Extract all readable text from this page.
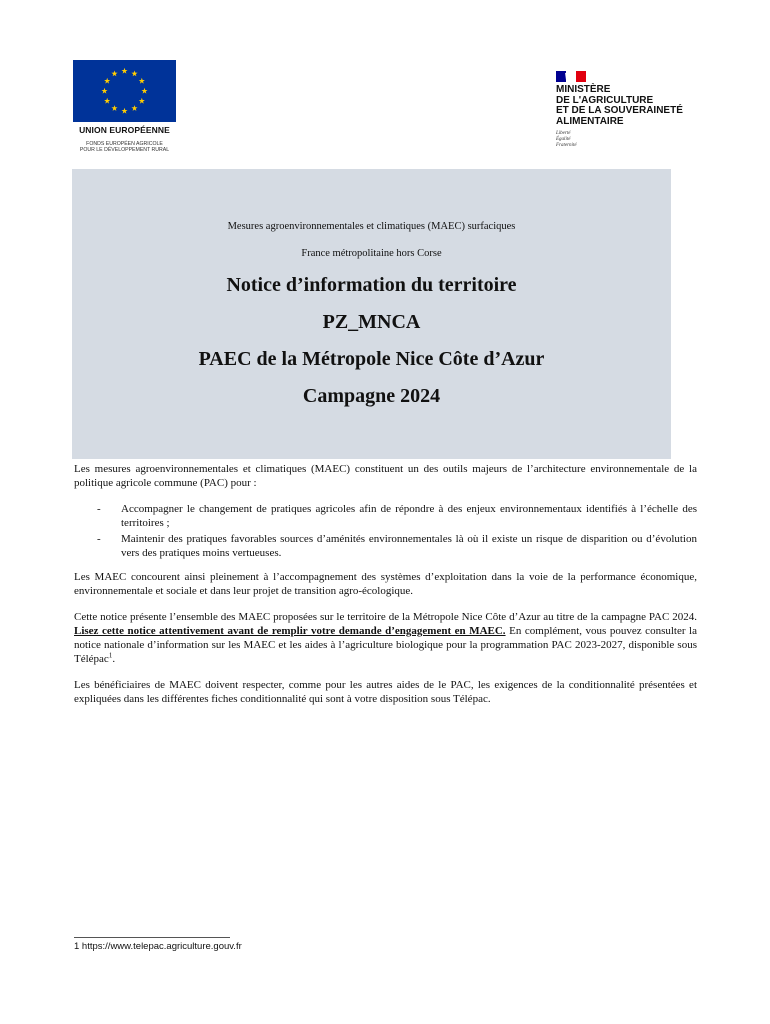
UNION EUROPÉENNE
FONDS EUROPÉEN AGRICOLE
POUR LE DÉVELOPPEMENT RURAL
MINISTÈRE
DE L'AGRICULTURE
ET DE LA SOUVERAINETÉ
ALIMENTAIRE
Liberté
Égalité
Fraternité
Mesures agroenvironnementales et climatiques (MAEC) surfaciques
France métropolitaine hors Corse
Notice d’information du territoire
PZ_MNCA
PAEC de la Métropole Nice Côte d’Azur
Campagne 2024

Les mesures agroenvironnementales et climatiques (MAEC) constituent un des outils majeurs de l’architecture environnementale de la politique agricole commune (PAC) pour :

- Accompagner le changement de pratiques agricoles afin de répondre à des enjeux environnementaux identifiés à l’échelle des territoires ;
- Maintenir des pratiques favorables sources d’aménités environnementales là où il existe un risque de disparition ou d’évolution vers des pratiques moins vertueuses.

Les MAEC concourent ainsi pleinement à l’accompagnement des systèmes d’exploitation dans la voie de la performance économique, environnementale et sociale et dans leur projet de transition agro-écologique.

Cette notice présente l’ensemble des MAEC proposées sur le territoire de la Métropole Nice Côte d’Azur au titre de la campagne PAC 2024. Lisez cette notice attentivement avant de remplir votre demande d’engagement en MAEC. En complément, vous pouvez consulter la notice nationale d’information sur les MAEC et les aides à l’agriculture biologique pour la programmation PAC 2023-2027, disponible sous Télépac$^1$.

Les bénéficiaires de MAEC doivent respecter, comme pour les autres aides de le PAC, les exigences de la conditionnalité présentées et expliquées dans les différentes fiches conditionnalité qui sont à votre disposition sous Télépac.

1 https://www.telepac.agriculture.gouv.fr
